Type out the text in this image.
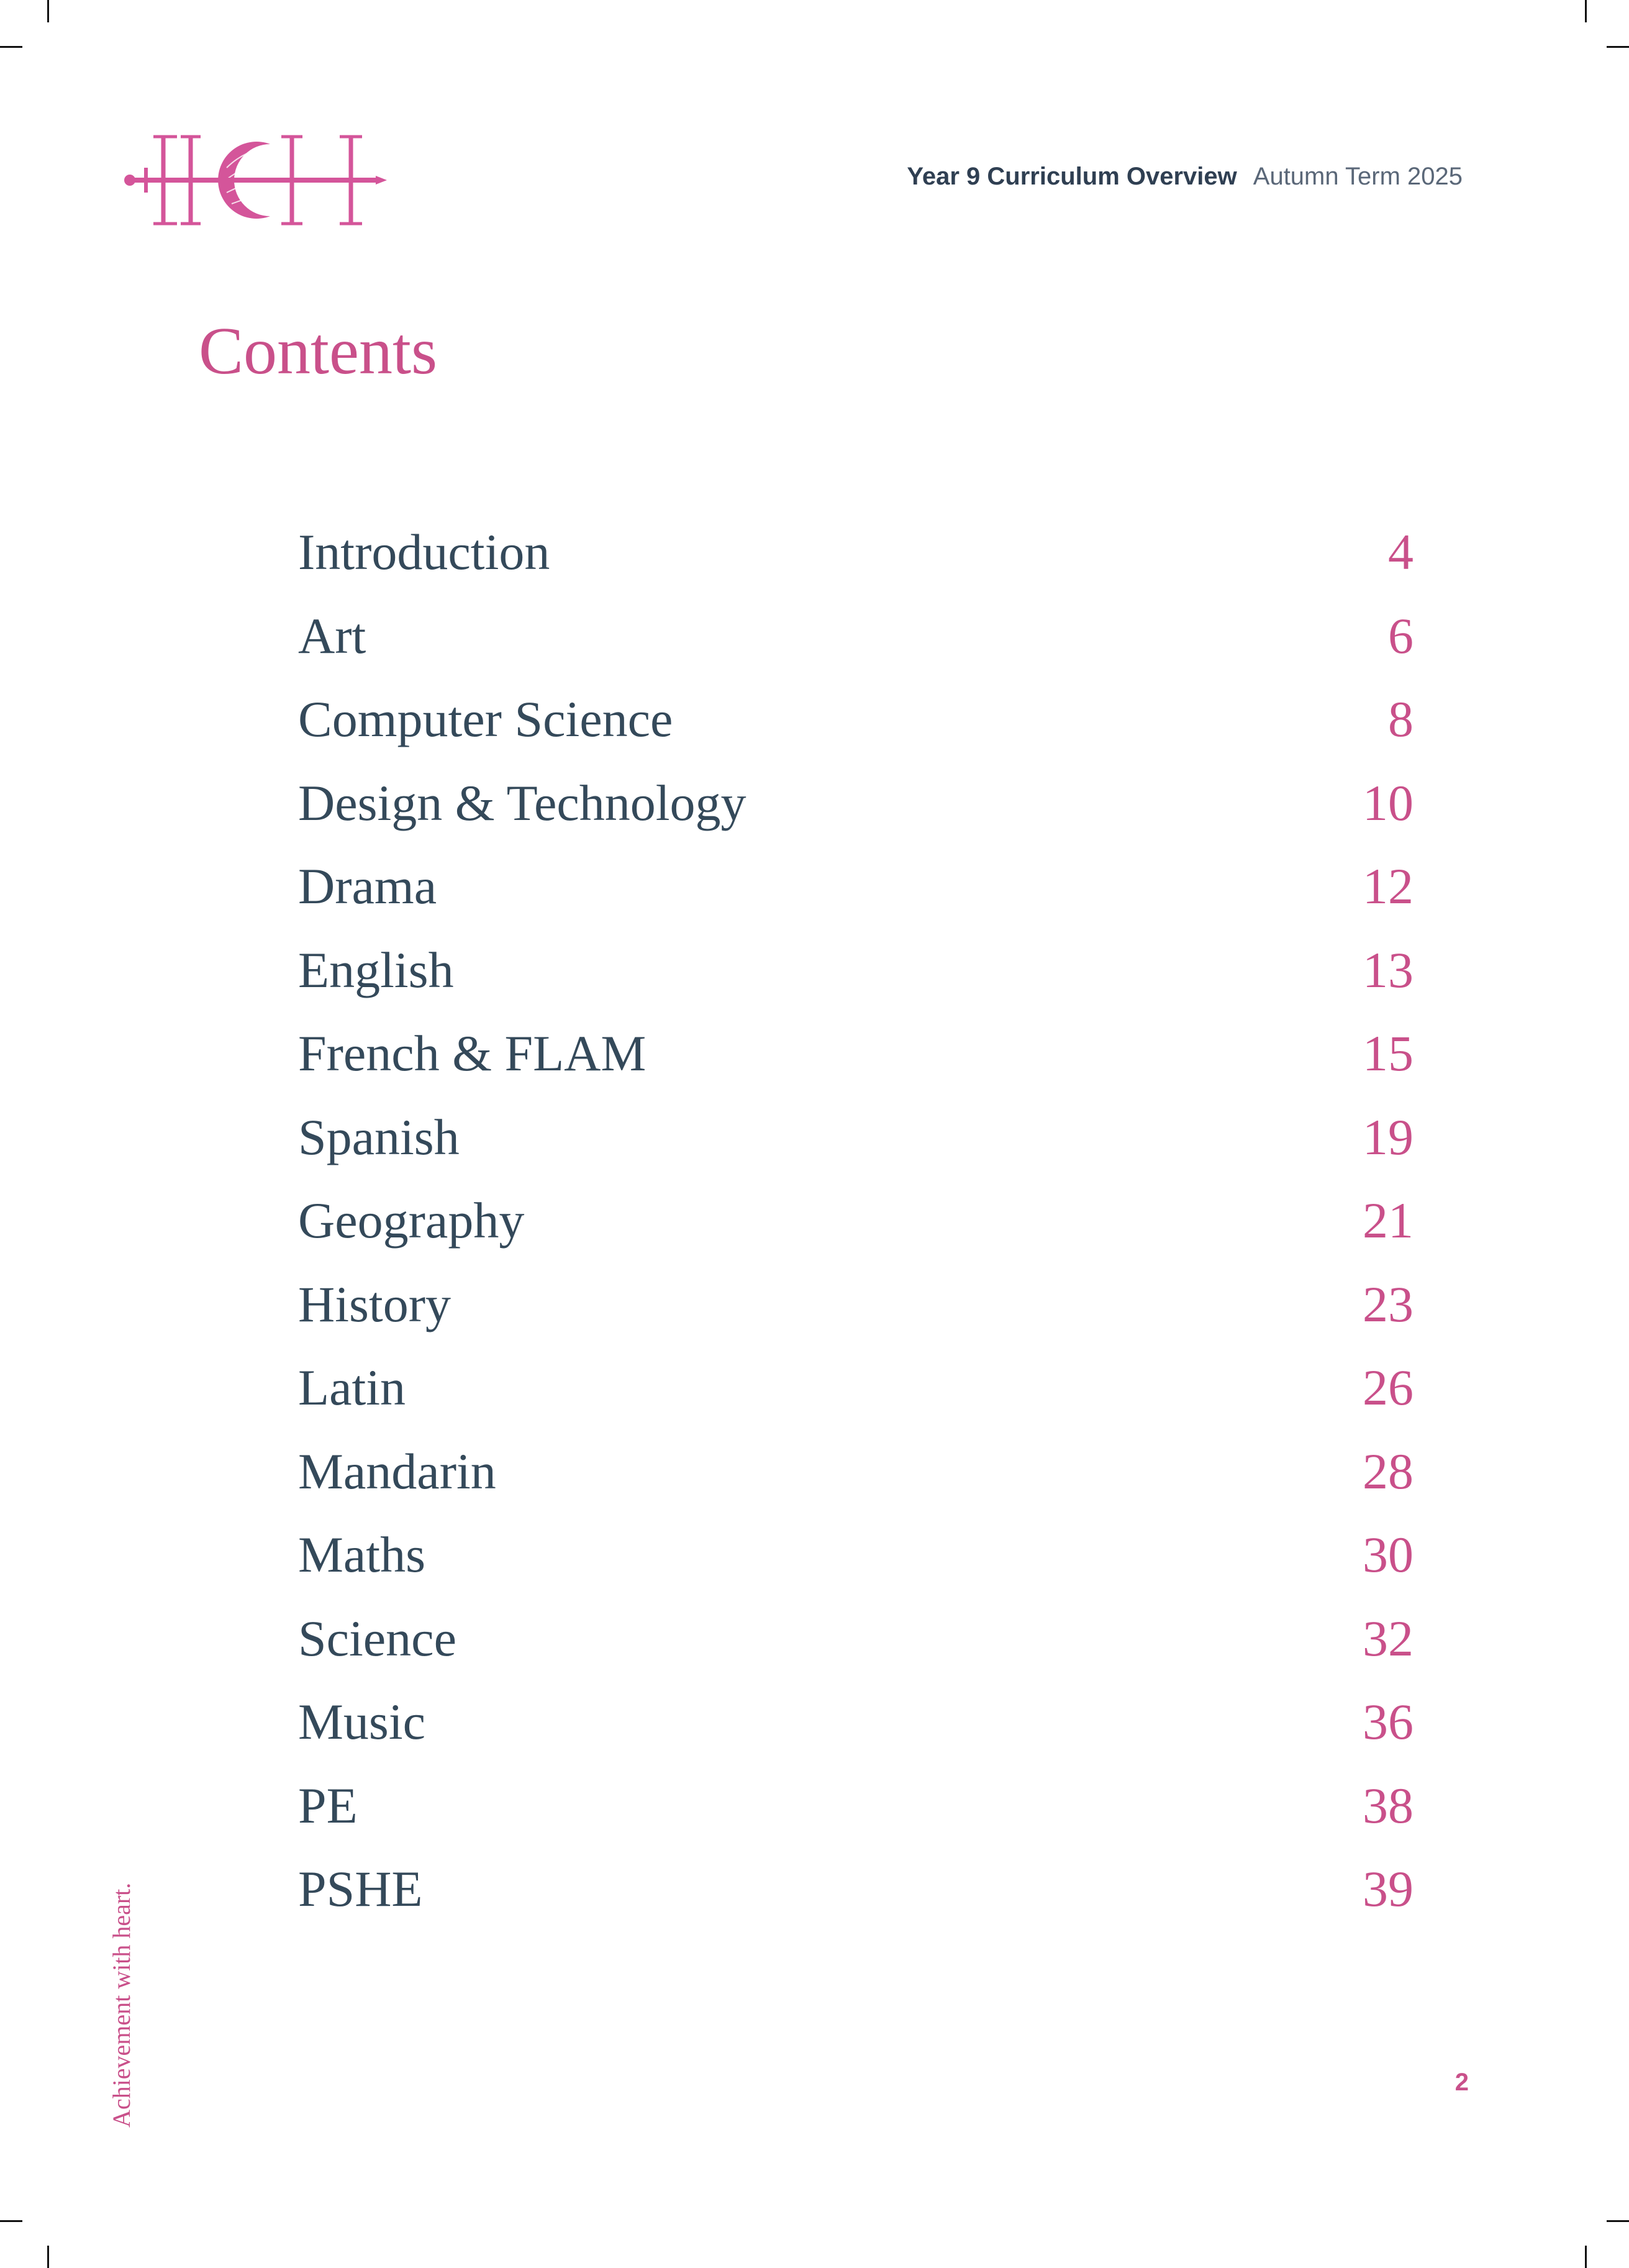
Year 9 Curriculum Overview Autumn Term 2025
Contents
Introduction	4
Art	6
Computer Science	8
Design & Technology	10
Drama	12
English	13
French & FLAM	15
Spanish	19
Geography	21
History	23
Latin	26
Mandarin	28
Maths	30
Science	32
Music	36
PE	38
PSHE	39
Achievement with heart.	2
